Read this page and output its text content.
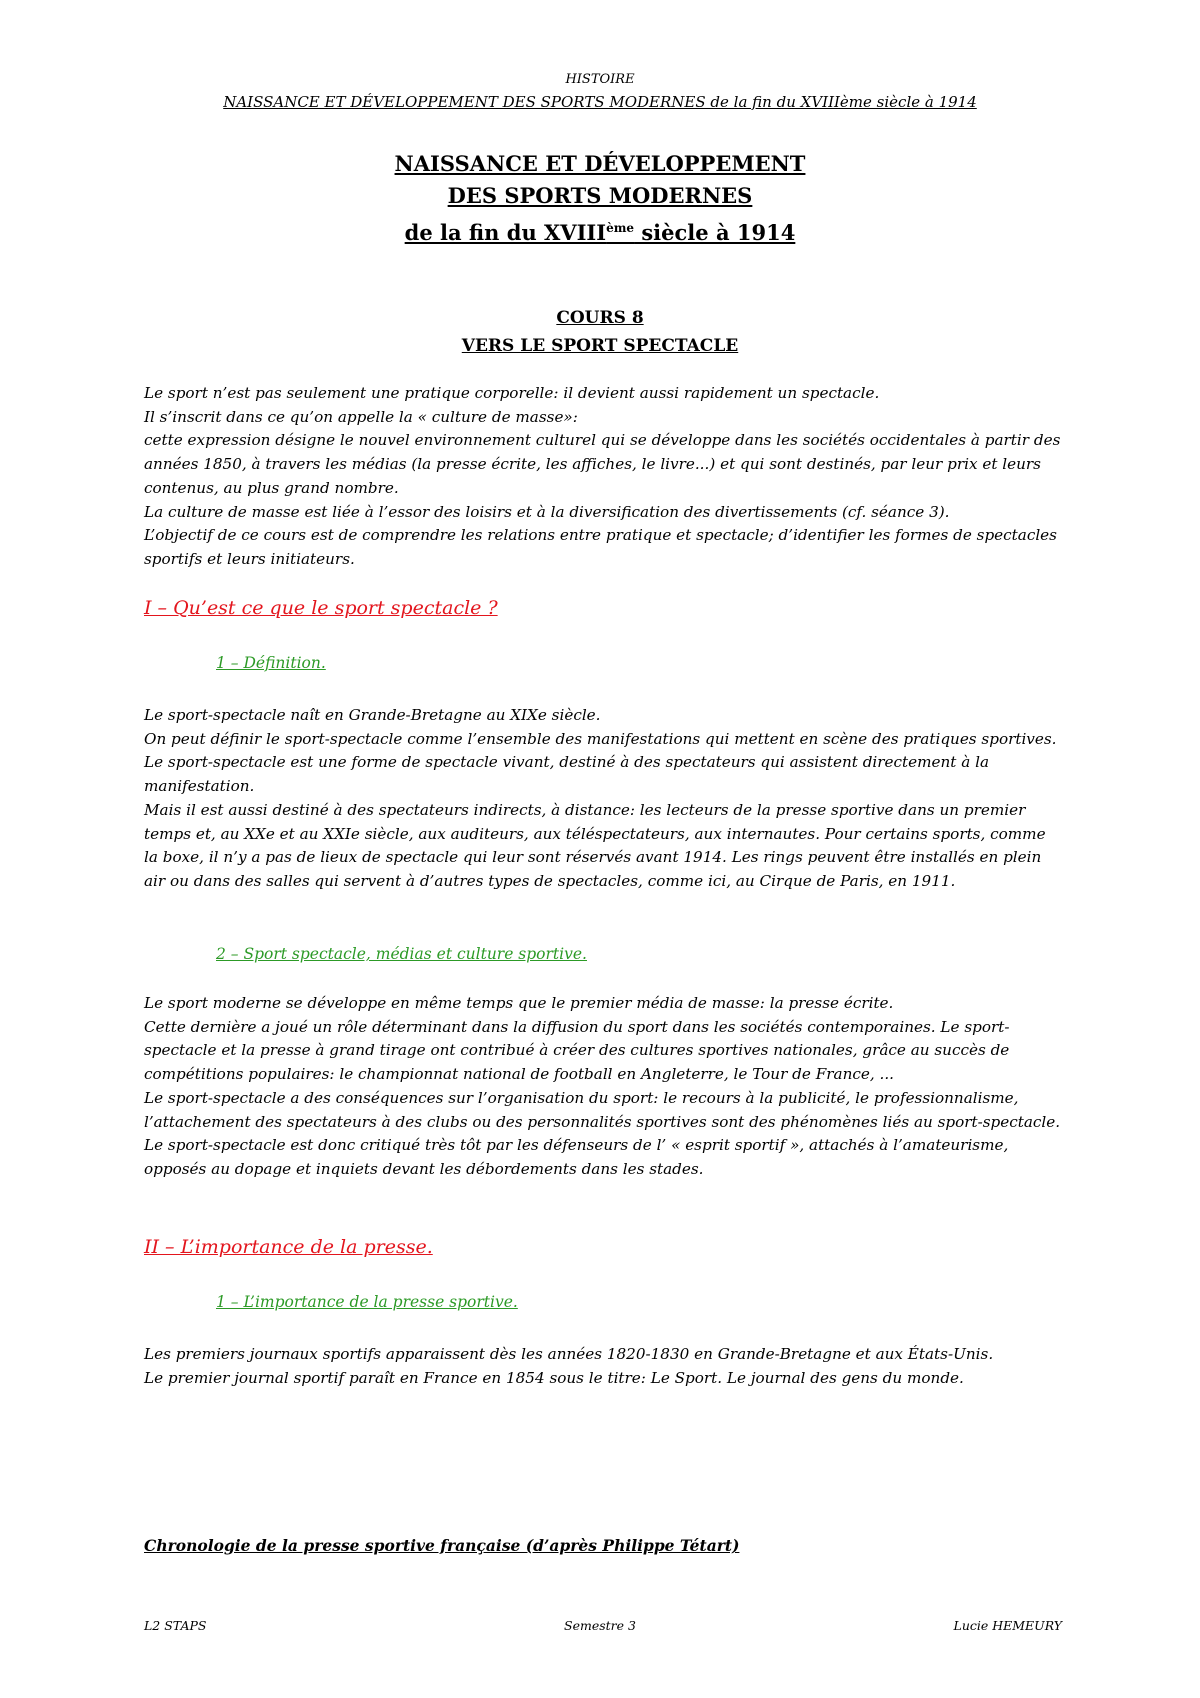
HISTOIRE
NAISSANCE ET DÉVELOPPEMENT DES SPORTS MODERNES de la fin du XVIIIème siècle à 1914
NAISSANCE ET DÉVELOPPEMENT
DES SPORTS MODERNES
de la fin du XVIIIème siècle à 1914
COURS 8
VERS LE SPORT SPECTACLE

Le sport n’est pas seulement une pratique corporelle: il devient aussi rapidement un spectacle.

Il s’inscrit dans ce qu’on appelle la « culture de masse»:

cette expression désigne le nouvel environnement culturel qui se développe dans les sociétés occidentales à partir des années 1850, à travers les médias (la presse écrite, les affiches, le livre...) et qui sont destinés, par leur prix et leurs contenus, au plus grand nombre.

La culture de masse est liée à l’essor des loisirs et à la diversification des divertissements (cf. séance 3).

L’objectif de ce cours est de comprendre les relations entre pratique et spectacle; d’identifier les formes de spectacles sportifs et leurs initiateurs.

I – Qu’est ce que le sport spectacle ?
1 – Définition.

Le sport-spectacle naît en Grande-Bretagne au XIXe siècle.

On peut définir le sport-spectacle comme l’ensemble des manifestations qui mettent en scène des pratiques sportives. Le sport-spectacle est une forme de spectacle vivant, destiné à des spectateurs qui assistent directement à la manifestation.

Mais il est aussi destiné à des spectateurs indirects, à distance: les lecteurs de la presse sportive dans un premier temps et, au XXe et au XXIe siècle, aux auditeurs, aux téléspectateurs, aux internautes. Pour certains sports, comme la boxe, il n’y a pas de lieux de spectacle qui leur sont réservés avant 1914. Les rings peuvent être installés en plein air ou dans des salles qui servent à d’autres types de spectacles, comme ici, au Cirque de Paris, en 1911.

2 – Sport spectacle, médias et culture sportive.

Le sport moderne se développe en même temps que le premier média de masse: la presse écrite.

Cette dernière a joué un rôle déterminant dans la diffusion du sport dans les sociétés contemporaines. Le sport-spectacle et la presse à grand tirage ont contribué à créer des cultures sportives nationales, grâce au succès de compétitions populaires: le championnat national de football en Angleterre, le Tour de France, ...

Le sport-spectacle a des conséquences sur l’organisation du sport: le recours à la publicité, le professionnalisme, l’attachement des spectateurs à des clubs ou des personnalités sportives sont des phénomènes liés au sport-spectacle.

Le sport-spectacle est donc critiqué très tôt par les défenseurs de l’ « esprit sportif », attachés à l’amateurisme, opposés au dopage et inquiets devant les débordements dans les stades.

II – L’importance de la presse.
1 – L’importance de la presse sportive.

Les premiers journaux sportifs apparaissent dès les années 1820-1830 en Grande-Bretagne et aux États-Unis.

Le premier journal sportif paraît en France en 1854 sous le titre: Le Sport. Le journal des gens du monde.

Chronologie de la presse sportive française (d’après Philippe Tétart)
L2 STAPS	Semestre 3	Lucie HEMEURY
